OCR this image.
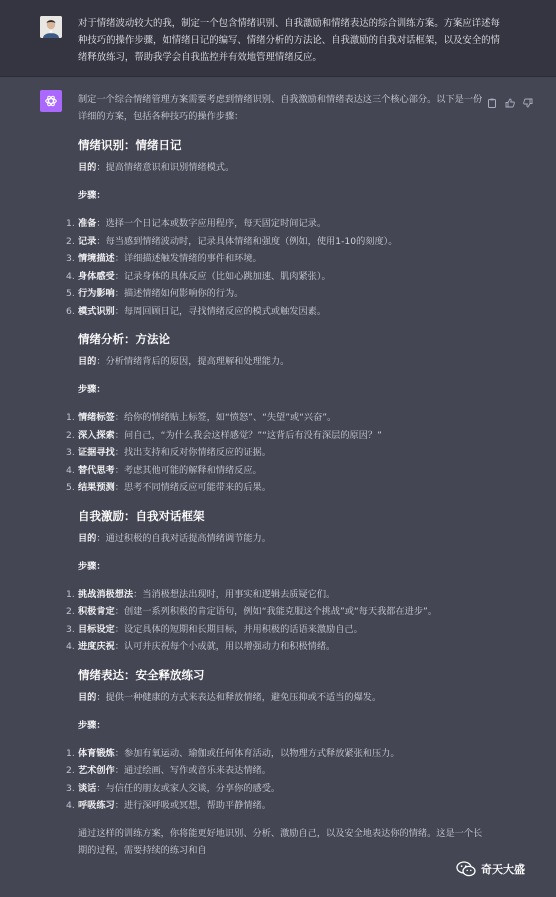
对于情绪波动较大的我，制定一个包含情绪识别、自我激励和情绪表达的综合训练方案。方案应详述每种技巧的操作步骤，如情绪日记的编写、情绪分析的方法论、自我激励的自我对话框架，以及安全的情绪释放练习，帮助我学会自我监控并有效地管理情绪反应。

制定一个综合情绪管理方案需要考虑到情绪识别、自我激励和情绪表达这三个核心部分。以下是一份详细的方案，包括各种技巧的操作步骤：

情绪识别：情绪日记

目的：提高情绪意识和识别情绪模式。

步骤：

1. 准备：选择一个日记本或数字应用程序，每天固定时间记录。
2. 记录：每当感到情绪波动时，记录具体情绪和强度（例如，使用1-10的刻度）。
3. 情境描述：详细描述触发情绪的事件和环境。
4. 身体感受：记录身体的具体反应（比如心跳加速、肌肉紧张）。
5. 行为影响：描述情绪如何影响你的行为。
6. 模式识别：每周回顾日记，寻找情绪反应的模式或触发因素。
情绪分析：方法论

目的：分析情绪背后的原因，提高理解和处理能力。

步骤：

1. 情绪标签：给你的情绪贴上标签，如“愤怒”、“失望”或“兴奋”。
2. 深入探索：问自己，“为什么我会这样感觉？”“这背后有没有深层的原因？”
3. 证据寻找：找出支持和反对你情绪反应的证据。
4. 替代思考：考虑其他可能的解释和情绪反应。
5. 结果预测：思考不同情绪反应可能带来的后果。
自我激励：自我对话框架

目的：通过积极的自我对话提高情绪调节能力。

步骤：

1. 挑战消极想法：当消极想法出现时，用事实和逻辑去质疑它们。
2. 积极肯定：创建一系列积极的肯定语句，例如“我能克服这个挑战”或“每天我都在进步”。
3. 目标设定：设定具体的短期和长期目标，并用积极的话语来激励自己。
4. 进度庆祝：认可并庆祝每个小成就，用以增强动力和积极情绪。
情绪表达：安全释放练习

目的：提供一种健康的方式来表达和释放情绪，避免压抑或不适当的爆发。

步骤：

1. 体育锻炼：参加有氧运动、瑜伽或任何体育活动，以物理方式释放紧张和压力。
2. 艺术创作：通过绘画、写作或音乐来表达情绪。
3. 谈话：与信任的朋友或家人交谈，分享你的感受。
4. 呼吸练习：进行深呼吸或冥想，帮助平静情绪。

通过这样的训练方案，你将能更好地识别、分析、激励自己，以及安全地表达你的情绪。这是一个长期的过程，需要持续的练习和自

奇天大盛
